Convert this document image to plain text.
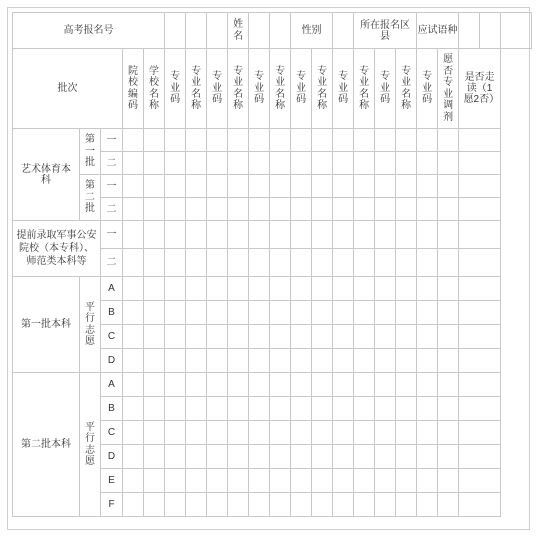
高考报名号								姓名			性别			所在报名区县			应试语种				
批次			院校编码	学校名称	专业码	专业名称	专业码	专业名称	专业码	专业名称	专业码	专业名称	专业码	专业名称	专业码	专业名称	专业码	愿否专业调剂	是否走读（1愿2否）		
艺术体育本科	第一批	一																			
		二																			
	第二批	一																			
		二																			
提前录取军事公安院校（本专科）、师范类本科等		一																			
		二																			
第一批本科	平行志愿	A																			
		B																			
		C																			
		D																			
第二批本科	平行志愿	A																			
		B																			
		C																			
		D																			
		E																			
		F																			
